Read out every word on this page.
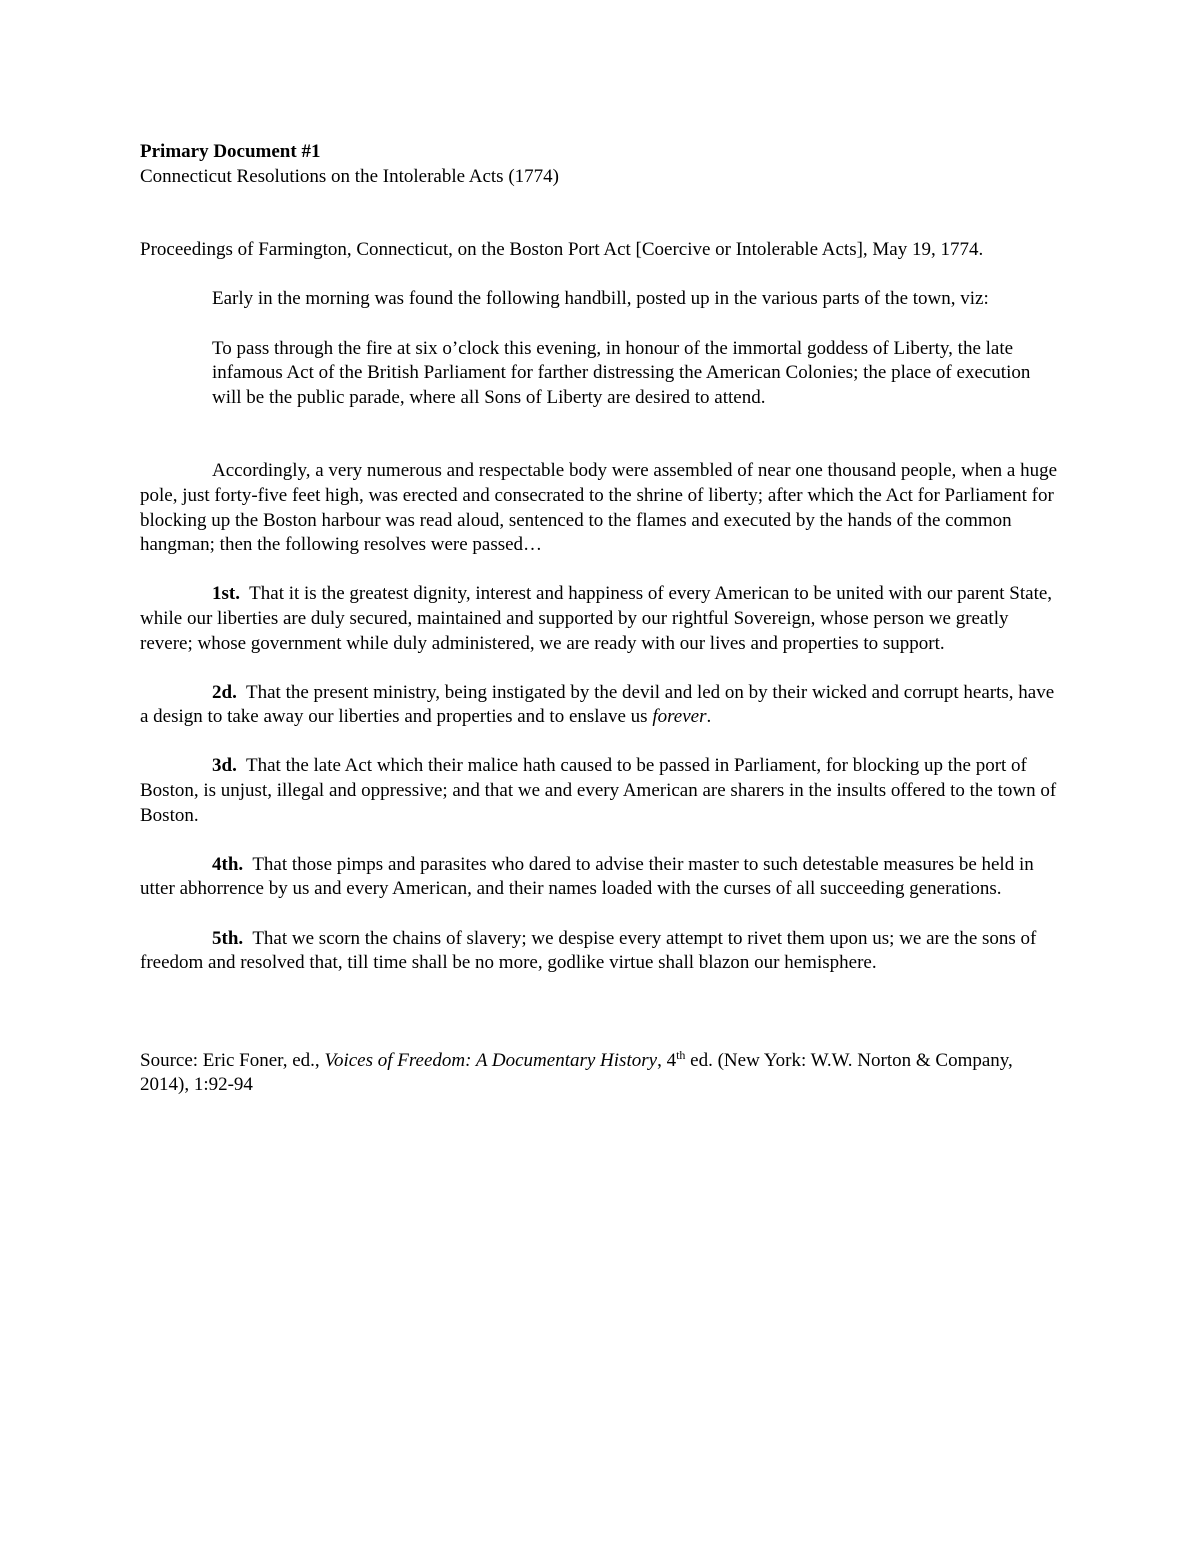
Primary Document #1

Connecticut Resolutions on the Intolerable Acts (1774)

Proceedings of Farmington, Connecticut, on the Boston Port Act [Coercive or Intolerable Acts], May 19, 1774.

Early in the morning was found the following handbill, posted up in the various parts of the town, viz:

To pass through the fire at six o’clock this evening, in honour of the immortal goddess of Liberty, the late infamous Act of the British Parliament for farther distressing the American Colonies; the place of execution will be the public parade, where all Sons of Liberty are desired to attend.

Accordingly, a very numerous and respectable body were assembled of near one thousand people, when a huge pole, just forty-five feet high, was erected and consecrated to the shrine of liberty; after which the Act for Parliament for blocking up the Boston harbour was read aloud, sentenced to the flames and executed by the hands of the common hangman; then the following resolves were passed…

1st. That it is the greatest dignity, interest and happiness of every American to be united with our parent State, while our liberties are duly secured, maintained and supported by our rightful Sovereign, whose person we greatly revere; whose government while duly administered, we are ready with our lives and properties to support.

2d. That the present ministry, being instigated by the devil and led on by their wicked and corrupt hearts, have a design to take away our liberties and properties and to enslave us forever.

3d. That the late Act which their malice hath caused to be passed in Parliament, for blocking up the port of Boston, is unjust, illegal and oppressive; and that we and every American are sharers in the insults offered to the town of Boston.

4th. That those pimps and parasites who dared to advise their master to such detestable measures be held in utter abhorrence by us and every American, and their names loaded with the curses of all succeeding generations.

5th. That we scorn the chains of slavery; we despise every attempt to rivet them upon us; we are the sons of freedom and resolved that, till time shall be no more, godlike virtue shall blazon our hemisphere.

Source: Eric Foner, ed., Voices of Freedom: A Documentary History, 4th ed. (New York: W.W. Norton & Company, 2014), 1:92-94
